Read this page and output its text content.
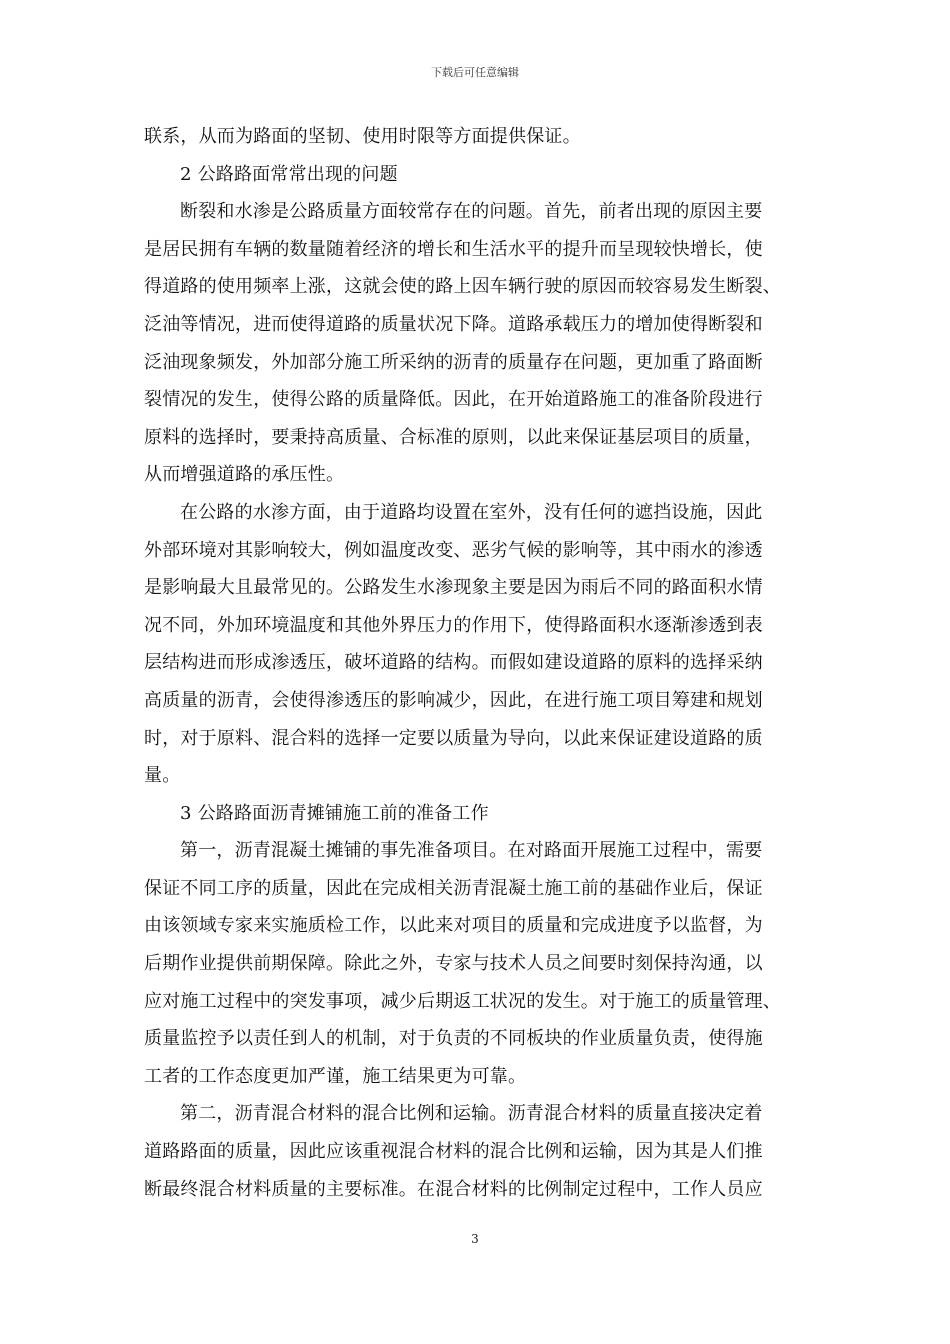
下载后可任意编辑
联系，从而为路面的坚韧、使用时限等方面提供保证。
2 公路路面常常出现的问题
断裂和水渗是公路质量方面较常存在的问题。首先，前者出现的原因主要
是居民拥有车辆的数量随着经济的增长和生活水平的提升而呈现较快增长，使
得道路的使用频率上涨，这就会使的路上因车辆行驶的原因而较容易发生断裂、
泛油等情况，进而使得道路的质量状况下降。道路承载压力的增加使得断裂和
泛油现象频发，外加部分施工所采纳的沥青的质量存在问题，更加重了路面断
裂情况的发生，使得公路的质量降低。因此，在开始道路施工的准备阶段进行
原料的选择时，要秉持高质量、合标准的原则，以此来保证基层项目的质量，
从而增强道路的承压性。
在公路的水渗方面，由于道路均设置在室外，没有任何的遮挡设施，因此
外部环境对其影响较大，例如温度改变、恶劣气候的影响等，其中雨水的渗透
是影响最大且最常见的。公路发生水渗现象主要是因为雨后不同的路面积水情
况不同，外加环境温度和其他外界压力的作用下，使得路面积水逐渐渗透到表
层结构进而形成渗透压，破坏道路的结构。而假如建设道路的原料的选择采纳
高质量的沥青，会使得渗透压的影响减少，因此，在进行施工项目筹建和规划
时，对于原料、混合料的选择一定要以质量为导向，以此来保证建设道路的质
量。
3 公路路面沥青摊铺施工前的准备工作
第一，沥青混凝土摊铺的事先准备项目。在对路面开展施工过程中，需要
保证不同工序的质量，因此在完成相关沥青混凝土施工前的基础作业后，保证
由该领域专家来实施质检工作，以此来对项目的质量和完成进度予以监督，为
后期作业提供前期保障。除此之外，专家与技术人员之间要时刻保持沟通，以
应对施工过程中的突发事项，减少后期返工状况的发生。对于施工的质量管理、
质量监控予以责任到人的机制，对于负责的不同板块的作业质量负责，使得施
工者的工作态度更加严谨，施工结果更为可靠。
第二，沥青混合材料的混合比例和运输。沥青混合材料的质量直接决定着
道路路面的质量，因此应该重视混合材料的混合比例和运输，因为其是人们推
断最终混合材料质量的主要标准。在混合材料的比例制定过程中，工作人员应
3
